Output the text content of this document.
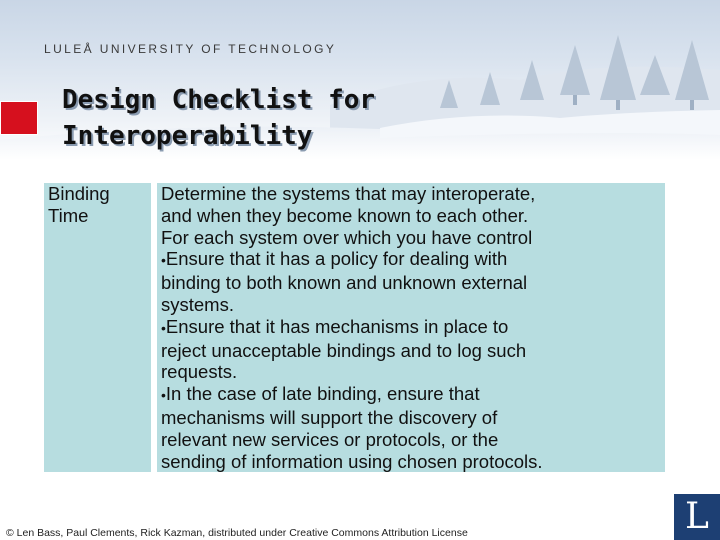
LULEÅ UNIVERSITY OF TECHNOLOGY
Design Checklist for
Interoperability
Binding
Time

Determine the systems that may interoperate,
and when they become known to each other.
For each system over which you have control
•Ensure that it has a policy for dealing with
binding to both known and unknown external
systems.
•Ensure that it has mechanisms in place to
reject unacceptable bindings and to log such
requests.
•In the case of late binding, ensure that
mechanisms will support the discovery of
relevant new services or protocols, or the
sending of information using chosen protocols.
© Len Bass, Paul Clements, Rick Kazman, distributed under Creative Commons Attribution License	L
